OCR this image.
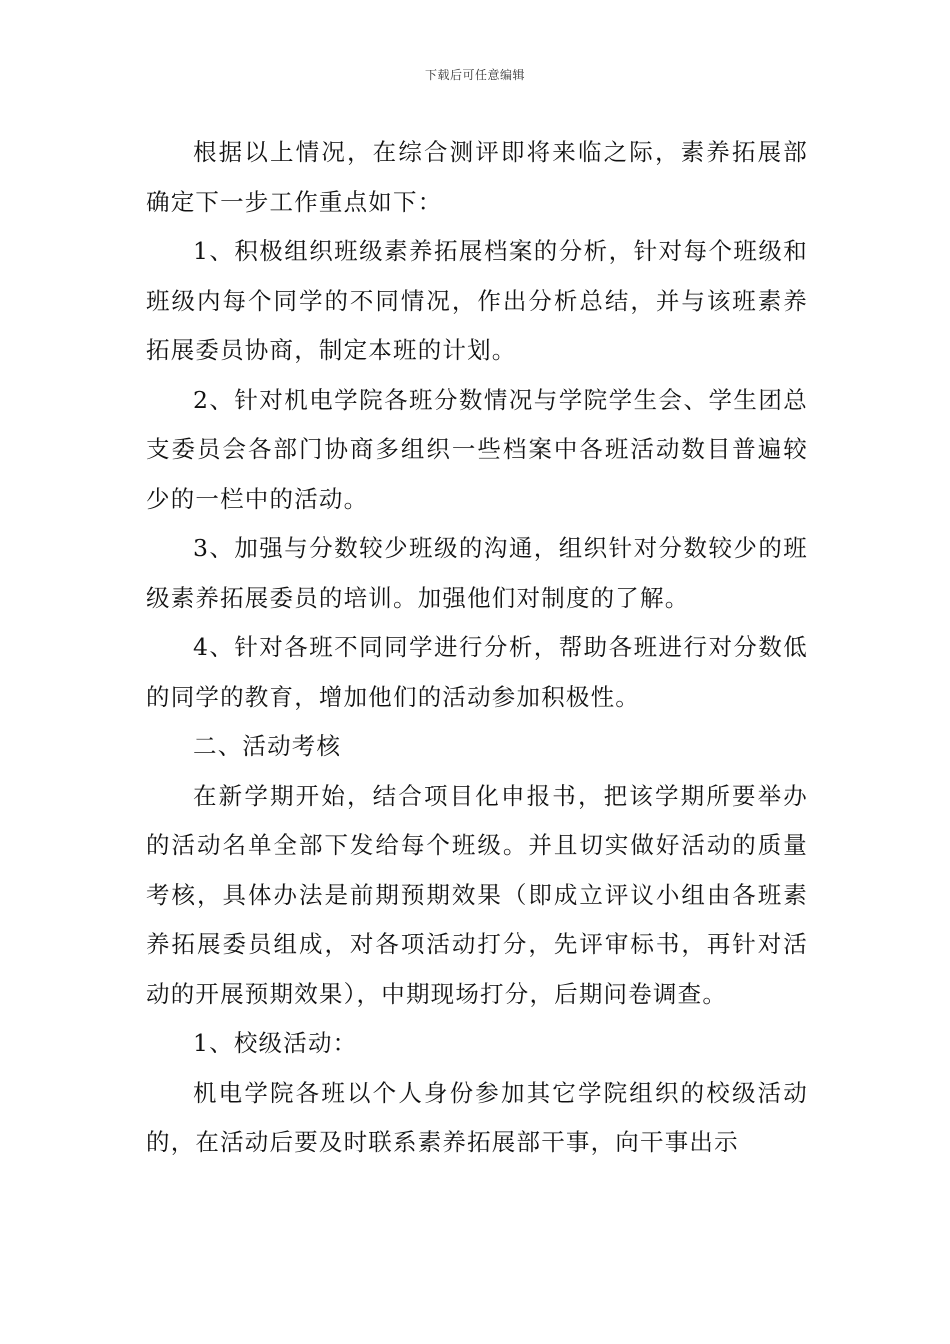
下载后可任意编辑

根据以上情况，在综合测评即将来临之际，素养拓展部确定下一步工作重点如下：

1、积极组织班级素养拓展档案的分析，针对每个班级和班级内每个同学的不同情况，作出分析总结，并与该班素养拓展委员协商，制定本班的计划。

2、针对机电学院各班分数情况与学院学生会、学生团总支委员会各部门协商多组织一些档案中各班活动数目普遍较少的一栏中的活动。

3、加强与分数较少班级的沟通，组织针对分数较少的班级素养拓展委员的培训。加强他们对制度的了解。

4、针对各班不同同学进行分析，帮助各班进行对分数低的同学的教育，增加他们的活动参加积极性。

二、活动考核

在新学期开始，结合项目化申报书，把该学期所要举办的活动名单全部下发给每个班级。并且切实做好活动的质量考核，具体办法是前期预期效果（即成立评议小组由各班素养拓展委员组成，对各项活动打分，先评审标书，再针对活动的开展预期效果），中期现场打分，后期问卷调查。

1、校级活动：

机电学院各班以个人身份参加其它学院组织的校级活动的，在活动后要及时联系素养拓展部干事，向干事出示
